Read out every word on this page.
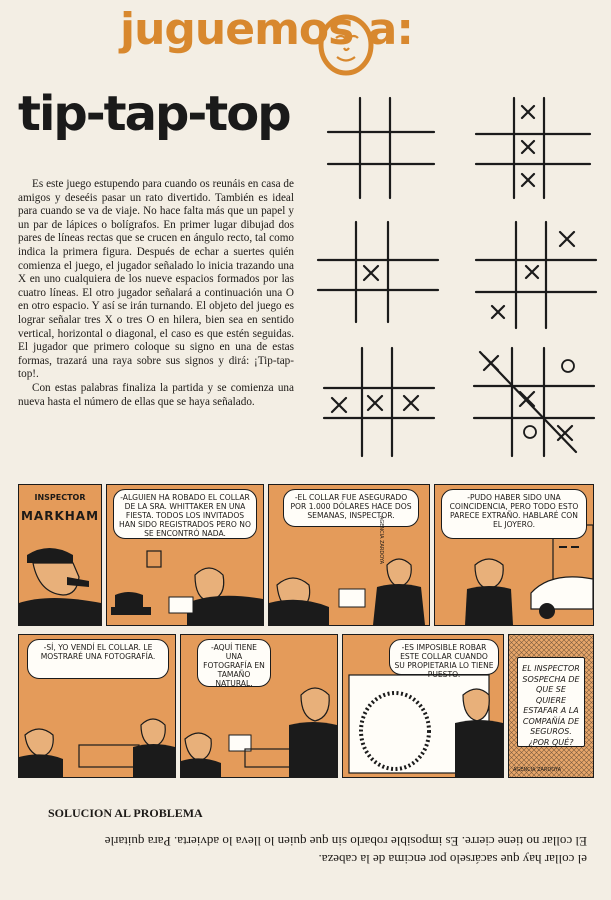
juguemos a:
tip-tap-top

Es este juego estupendo para cuando os reunáis en casa de amigos y deseéis pasar un rato divertido. También es ideal para cuando se va de viaje. No hace falta más que un papel y un par de lápices o bolígrafos. En primer lugar dibujad dos pares de líneas rectas que se crucen en ángulo recto, tal como indica la primera figura. Después de echar a suertes quién comienza el juego, el jugador señalado lo inicia trazando una X en uno cualquiera de los nueve espacios formados por las cuatro líneas. El otro jugador señalará a continuación una O en otro espacio. Y así se irán turnando. El objeto del juego es lograr señalar tres X o tres O en hilera, bien sea en sentido vertical, horizontal o diagonal, el caso es que estén seguidas. El jugador que primero coloque su signo en una de estas formas, trazará una raya sobre sus signos y dirá: ¡Tip-tap-top!.

Con estas palabras finaliza la partida y se comienza una nueva hasta el número de ellas que se haya señalado.

INSPECTOR
MARKHAM
-ALGUIEN HA ROBADO EL COLLAR DE LA SRA. WHITTAKER EN UNA FIESTA. TODOS LOS INVITADOS HAN SIDO REGISTRADOS PERO NO SE ENCONTRÓ NADA.
-EL COLLAR FUE ASEGURADO POR 1.000 DÓLARES HACE DOS SEMANAS, INSPECTOR.
AGENCIA ZARDOYA
-PUDO HABER SIDO UNA COINCIDENCIA, PERO TODO ESTO PARECE EXTRAÑO. HABLARÉ CON EL JOYERO.
-SÍ, YO VENDÍ EL COLLAR. LE MOSTRARÉ UNA FOTOGRAFÍA.
-AQUÍ TIENE UNA FOTOGRAFÍA EN TAMAÑO NATURAL.
-ES IMPOSIBLE ROBAR ESTE COLLAR CUANDO SU PROPIETARIA LO TIENE PUESTO.
EL INSPECTOR SOSPECHA DE QUE SE QUIERE ESTAFAR A LA COMPAÑÍA DE SEGUROS. ¿POR QUÉ?
AGENCIA ZARDOYA
SOLUCION AL PROBLEMA
el collar hay que sacárselo por encima de la cabeza.
El collar no tiene cierre. Es imposible robarlo sin que quien lo lleva lo advierta. Para quitarle
